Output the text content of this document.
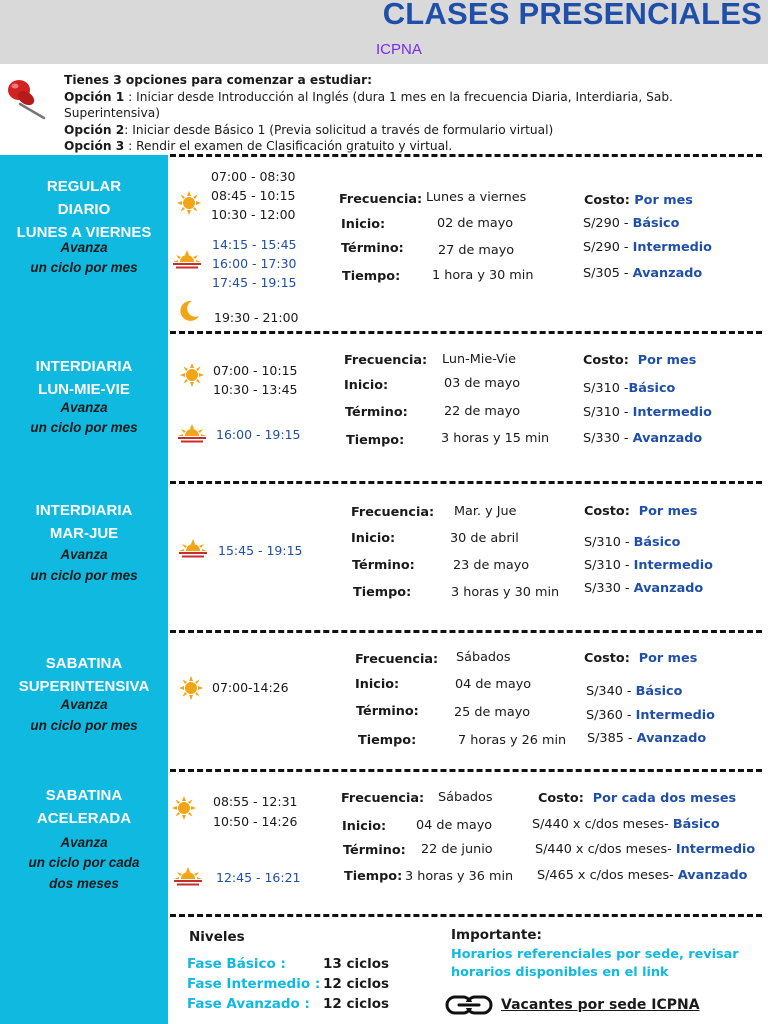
CLASES PRESENCIALES
ICPNA
Tienes 3 opciones para comenzar a estudiar:
Opción 1 : Iniciar desde Introducción al Inglés (dura 1 mes en la frecuencia Diaria, Interdiaria, Sab. Superintensiva)
Opción 2: Iniciar desde Básico 1 (Previa solicitud a través de formulario virtual)
Opción 3 : Rendir el examen de Clasificación gratuito y virtual.
REGULAR
DIARIO
LUNES A VIERNES
Avanza
un ciclo por mes
07:00 - 08:30
08:45 - 10:15
10:30 - 12:00
14:15 - 15:45
16:00 - 17:30
17:45 - 19:15
19:30 - 21:00
Frecuencia: Lunes a viernes
Inicio:	02 de mayo
Término:	27 de mayo
Tiempo: 1 hora y 30 min
Costo: Por mes
S/290 - Básico
S/290 - Intermedio
S/305 - Avanzado
INTERDIARIA
LUN-MIE-VIE
Avanza
un ciclo por mes
07:00 - 10:15
10:30 - 13:45
16:00 - 19:15
Frecuencia: Lun-Mie-Vie
Inicio:	03 de mayo
Término:	22 de mayo
Tiempo:	3 horas y 15 min
Costo: Por mes
S/310 -Básico
S/310 - Intermedio
S/330 - Avanzado
INTERDIARIA
MAR-JUE
Avanza
un ciclo por mes
15:45 - 19:15
Frecuencia: Mar. y Jue
Inicio:	30 de abril
Término:	23 de mayo
Tiempo:	3 horas y 30 min
Costo: Por mes
S/310 - Básico
S/310 - Intermedio
S/330 - Avanzado
SABATINA
SUPERINTENSIVA
Avanza
un ciclo por mes
07:00-14:26
Frecuencia: Sábados
Inicio:	04 de mayo
Término:	25 de mayo
Tiempo:	7 horas y 26 min
Costo: Por mes
S/340 - Básico
S/360 - Intermedio
S/385 - Avanzado
SABATINA
ACELERADA
Avanza
un ciclo por cada
dos meses
08:55 - 12:31
10:50 - 14:26
12:45 - 16:21
Frecuencia: Sábados
Inicio: 04 de mayo
Término: 22 de junio
Tiempo: 3 horas y 36 min
Costo: Por cada dos meses
S/440 x c/dos meses- Básico
S/440 x c/dos meses- Intermedio
S/465 x c/dos meses- Avanzado
Niveles
Fase Básico :	13 ciclos
Fase Intermedio : 12 ciclos
Fase Avanzado : 12 ciclos
Importante:
Horarios referenciales por sede, revisar horarios disponibles en el link
Vacantes por sede ICPNA
